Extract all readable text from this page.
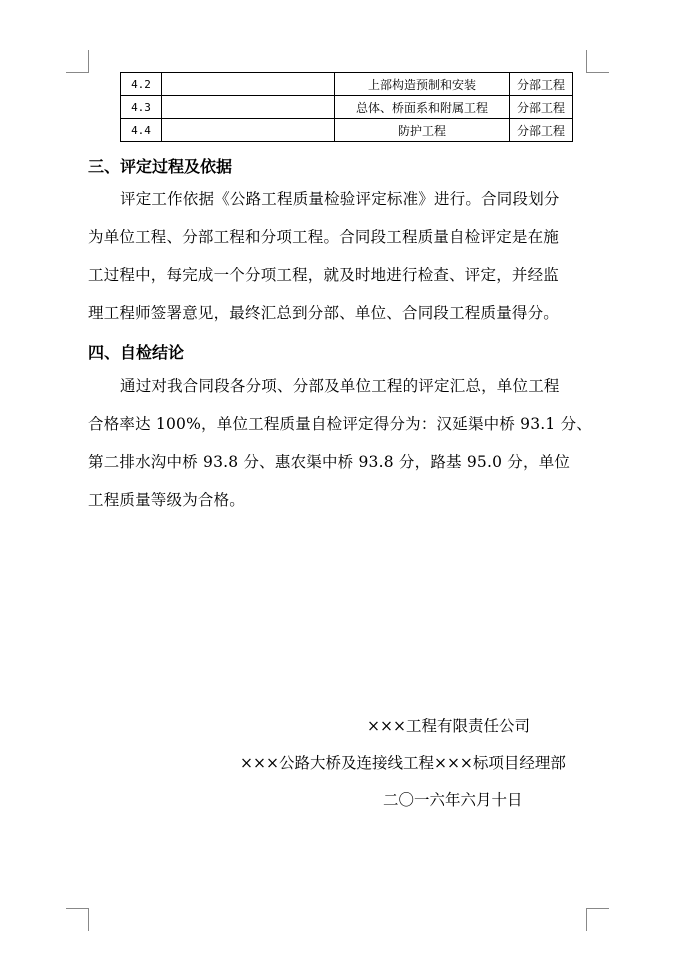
4.2		上部构造预制和安装	分部工程
4.3		总体、桥面系和附属工程	分部工程
4.4		防护工程	分部工程
三、评定过程及依据
评定工作依据《公路工程质量检验评定标准》进行。合同段划分
为单位工程、分部工程和分项工程。合同段工程质量自检评定是在施
工过程中，每完成一个分项工程，就及时地进行检查、评定，并经监
理工程师签署意见，最终汇总到分部、单位、合同段工程质量得分。
四、自检结论
通过对我合同段各分项、分部及单位工程的评定汇总，单位工程
合格率达 100%，单位工程质量自检评定得分为：汉延渠中桥 93.1 分、
第二排水沟中桥 93.8 分、惠农渠中桥 93.8 分，路基 95.0 分，单位
工程质量等级为合格。
×××工程有限责任公司
×××公路大桥及连接线工程×××标项目经理部
二〇一六年六月十日
